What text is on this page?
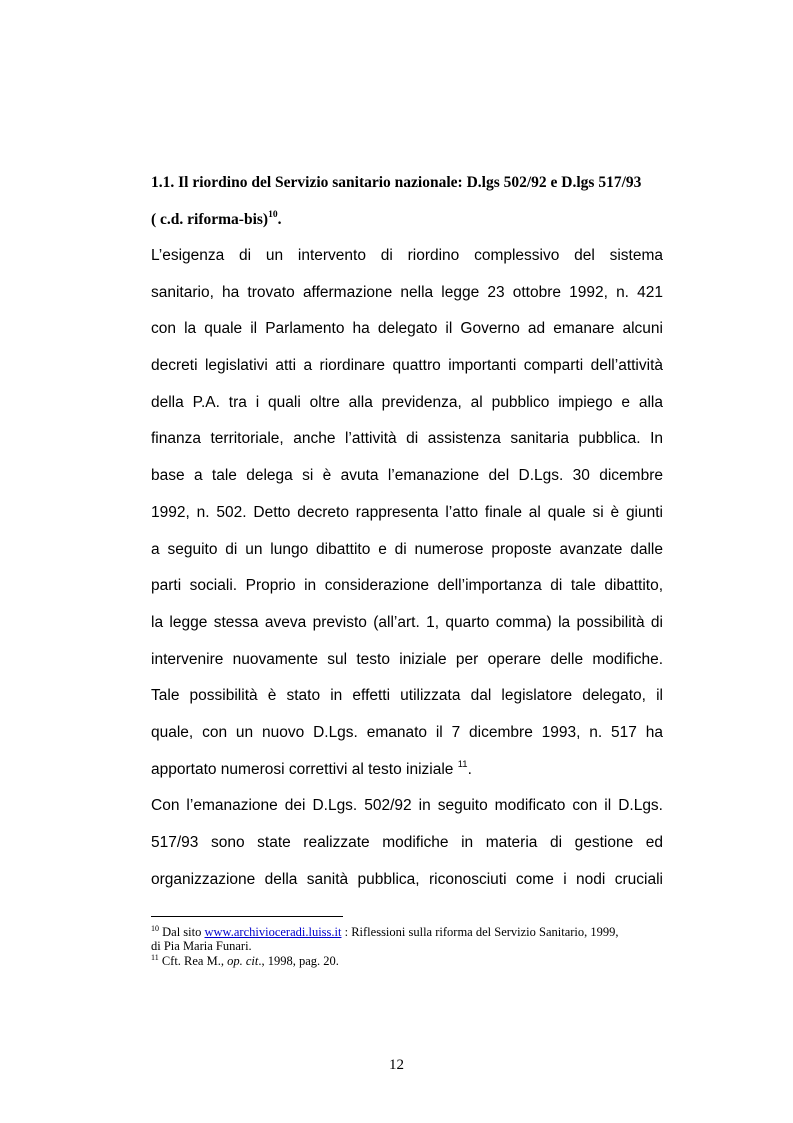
1.1. Il riordino del Servizio sanitario nazionale: D.lgs 502/92 e D.lgs 517/93
( c.d. riforma-bis)$^{10}$.
L’esigenza di un intervento di riordino complessivo del sistema
sanitario, ha trovato affermazione nella legge 23 ottobre 1992, n. 421
con la quale il Parlamento ha delegato il Governo ad emanare alcuni
decreti legislativi atti a riordinare quattro importanti comparti dell’attività
della P.A. tra i quali oltre alla previdenza, al pubblico impiego e alla
finanza territoriale, anche l’attività di assistenza sanitaria pubblica. In
base a tale delega si è avuta l’emanazione del D.Lgs. 30 dicembre
1992, n. 502. Detto decreto rappresenta l’atto finale al quale si è giunti
a seguito di un lungo dibattito e di numerose proposte avanzate dalle
parti sociali. Proprio in considerazione dell’importanza di tale dibattito,
la legge stessa aveva previsto (all’art. 1, quarto comma) la possibilità di
intervenire nuovamente sul testo iniziale per operare delle modifiche.
Tale possibilità è stato in effetti utilizzata dal legislatore delegato, il
quale, con un nuovo D.Lgs. emanato il 7 dicembre 1993, n. 517 ha
apportato numerosi correttivi al testo iniziale $^{11}$.
Con l’emanazione dei D.Lgs. 502/92 in seguito modificato con il D.Lgs.
517/93 sono state realizzate modifiche in materia di gestione ed
organizzazione della sanità pubblica, riconosciuti come i nodi cruciali
$^{10}$ Dal sito www.archivioceradi.luiss.it : Riflessioni sulla riforma del Servizio Sanitario, 1999,
di Pia Maria Funari.
$^{11}$ Cft. Rea M., op. cit., 1998, pag. 20.
12
